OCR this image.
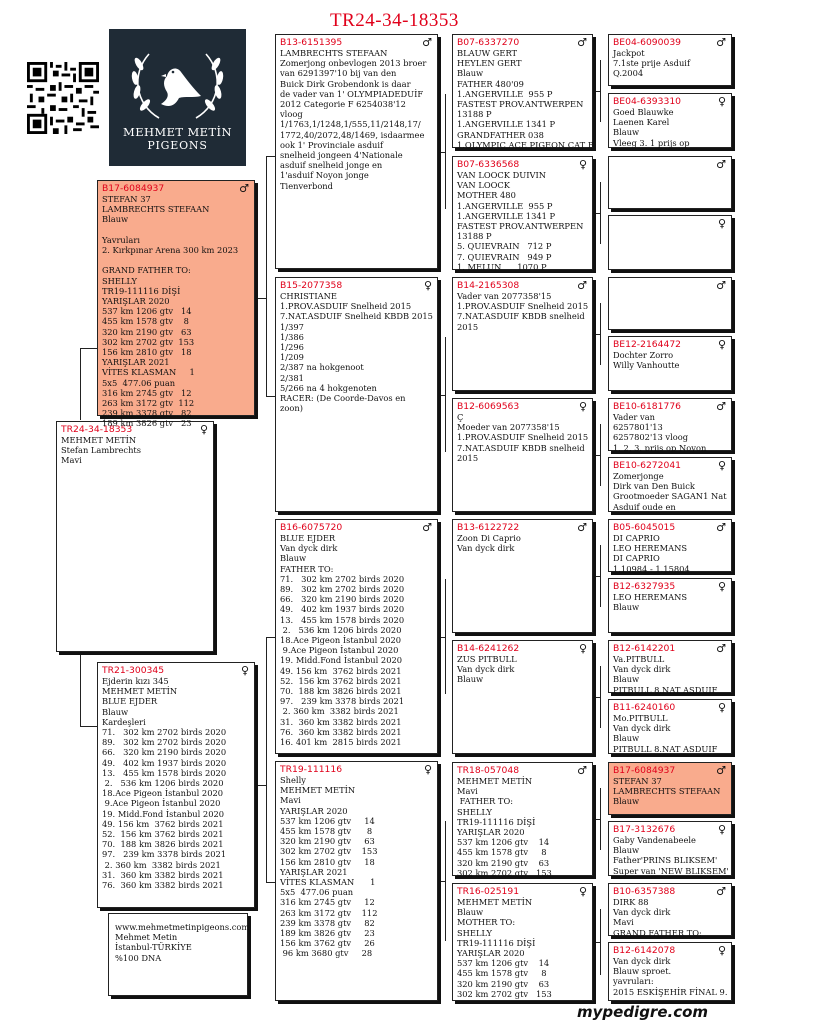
TR24-34-18353
MEHMET METİN
PIGEONS
TR24-34-18353	♀
MEHMET METİN
Stefan Lambrechts
Mavi
B17-6084937	♂
STEFAN 37
LAMBRECHTS STEFAAN
Blauw
Yavruları
2. Kırkpınar Arena 300 km 2023
GRAND FATHER TO:
SHELLY
TR19-111116 DİŞİ
YARIŞLAR 2020
537 km 1206 gtv   14
455 km 1578 gtv    8
320 km 2190 gtv   63
302 km 2702 gtv  153
156 km 2810 gtv   18
YARIŞLAR 2021
VİTES KLASMAN     1
5x5  477.06 puan
316 km 2745 gtv   12
263 km 3172 gtv  112
239 km 3378 gtv   82
189 km 3826 gtv   23
TR21-300345	♀
Ejderin kızı 345
MEHMET METİN
BLUE EJDER
Blauw
Kardeşleri
71.   302 km 2702 birds 2020
89.   302 km 2702 birds 2020
66.   320 km 2190 birds 2020
49.   402 km 1937 birds 2020
13.   455 km 1578 birds 2020
2.   536 km 1206 birds 2020
18.Ace Pigeon İstanbul 2020
9.Ace Pigeon İstanbul 2020
19. Midd.Fond İstanbul 2020
49. 156 km  3762 birds 2021
52.  156 km 3762 birds 2021
70.  188 km 3826 birds 2021
97.   239 km 3378 birds 2021
2. 360 km  3382 birds 2021
31.  360 km 3382 birds 2021
76.  360 km 3382 birds 2021
B13-6151395	♂
LAMBRECHTS STEFAAN
Zomerjong onbevlogen 2013 broer
van 6291397'10 bij van den
Buick Dirk Grobendonk is daar
de vader van 1' OLYMPIADEDUİF
2012 Categorie F 6254038'12
vloog
1/1763,1/1248,1/555,11/2148,17/
1772,40/2072,48/1469, isdaarmee
ook 1' Provinciale asduif
snelheid jongeen 4'Nationale
asduif snelheid jonge en
1'asduif Noyon jonge
Tienverbond
B15-2077358	♀
CHRISTIANE
1.PROV.ASDUIF Snelheid 2015
7.NAT.ASDUIF Snelheid KBDB 2015
1/397
1/386
1/296
1/209
2/387 na hokgenoot
2/381
5/266 na 4 hokgenoten
RACER: (De Coorde-Davos en
zoon)
B16-6075720	♂
BLUE EJDER
Van dyck dirk
Blauw
FATHER TO:
71.   302 km 2702 birds 2020
89.   302 km 2702 birds 2020
66.   320 km 2190 birds 2020
49.   402 km 1937 birds 2020
13.   455 km 1578 birds 2020
2.   536 km 1206 birds 2020
18.Ace Pigeon İstanbul 2020
9.Ace Pigeon İstanbul 2020
19. Midd.Fond İstanbul 2020
49. 156 km  3762 birds 2021
52.  156 km 3762 birds 2021
70.  188 km 3826 birds 2021
97.   239 km 3378 birds 2021
2. 360 km  3382 birds 2021
31.  360 km 3382 birds 2021
76.  360 km 3382 birds 2021
16. 401 km  2815 birds 2021
TR19-111116	♀
Shelly
MEHMET METİN
Mavi
YARIŞLAR 2020
537 km 1206 gtv     14
455 km 1578 gtv      8
320 km 2190 gtv     63
302 km 2702 gtv    153
156 km 2810 gtv     18
YARIŞLAR 2021
VİTES KLASMAN      1
5x5  477.06 puan
316 km 2745 gtv     12
263 km 3172 gtv    112
239 km 3378 gtv     82
189 km 3826 gtv     23
156 km 3762 gtv     26
96 km 3680 gtv     28
B07-6337270	♂
BLAUW GERT
HEYLEN GERT
Blauw
FATHER 480'09
1.ANGERVILLE  955 P
FASTEST PROV.ANTWERPEN
13188 P
1.ANGERVILLE 1341 P
GRANDFATHER 038
1.OLYMPIC ACE PIGEON CAT B
B07-6336568	♀
VAN LOOCK DUIVIN
VAN LOOCK
MOTHER 480
1.ANGERVILLE  955 P
1.ANGERVILLE 1341 P
FASTEST PROV.ANTWERPEN
13188 P
5. QUIEVRAIN   712 P
7. QUIEVRAIN   949 P
1. MELUN      1070 P
B14-2165308	♂
Vader van 2077358'15
1.PROV.ASDUIF Snelheid 2015
7.NAT.ASDUIF KBDB snelheid
2015
B12-6069563	♀
Ç
Moeder van 2077358'15
1.PROV.ASDUIF Snelheid 2015
7.NAT.ASDUIF KBDB snelheid
2015
B13-6122722	♂
Zoon Di Caprio
Van dyck dirk
B14-6241262	♀
ZUS PITBULL
Van dyck dirk
Blauw
TR18-057048	♂
MEHMET METİN
Mavi
FATHER TO:
SHELLY
TR19-111116 DİŞİ
YARIŞLAR 2020
537 km 1206 gtv    14
455 km 1578 gtv     8
320 km 2190 gtv    63
302 km 2702 gtv   153
TR16-025191	♀
MEHMET METİN
Blauw
MOTHER TO:
SHELLY
TR19-111116 DİŞİ
YARIŞLAR 2020
537 km 1206 gtv    14
455 km 1578 gtv     8
320 km 2190 gtv    63
302 km 2702 gtv   153
BE04-6090039	♂
Jackpot
7.1ste prije Asduif
Q.2004
BE04-6393310	♀
Goed Blauwke
Laenen Karel
Blauw
Vleeg 3. 1 prijs op
♂
♀
♂
BE12-2164472	♀
Dochter Zorro
Willy Vanhoutte
BE10-6181776	♂
Vader van
6257801'13
6257802'13 vloog
1, 2, 3. prijs op Noyon
BE10-6272041	♀
Zomerjonge
Dirk van Den Buick
Grootmoeder SAGAN1 Nat
Asduif oude en
B05-6045015	♂
DI CAPRIO
LEO HEREMANS
DI CAPRIO
1.10984 - 1.15804
B12-6327935	♀
LEO HEREMANS
Blauw
B12-6142201	♂
Va.PITBULL
Van dyck dirk
Blauw
PITBULL 8.NAT ASDUIF
B11-6240160	♀
Mo.PITBULL
Van dyck dirk
Blauw
PITBULL 8.NAT ASDUIF
B17-6084937	♂
STEFAN 37
LAMBRECHTS STEFAAN
Blauw
B17-3132676	♀
Gaby Vandenabeele
Blauw
Father'PRINS BLIKSEM'
Super van 'NEW BLIKSEM'
B10-6357388	♂
DIRK 88
Van dyck dirk
Mavi
GRAND FATHER TO:
B12-6142078	♀
Van dyck dirk
Blauw sproet.
yavruları:
2015 ESKİŞEHİR FİNAL 9.
www.mehmetmetinpigeons.com
Mehmet Metin
İstanbul-TÜRKİYE
%100 DNA
mypedigre.com
